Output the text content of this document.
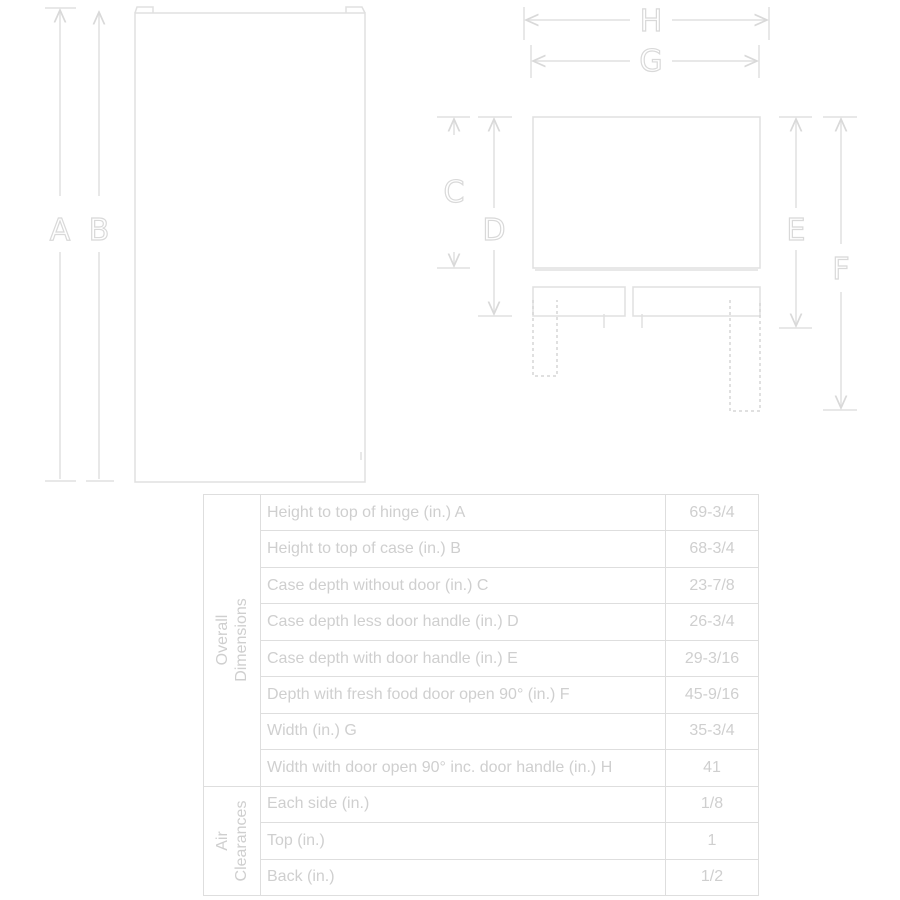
A B
H
G
C
D	E
F
Overall
Dimensions	Height to top of hinge (in.) A	69-3/4
	Height to top of case (in.) B	68-3/4
	Case depth without door (in.) C	23-7/8
	Case depth less door handle (in.) D	26-3/4
	Case depth with door handle (in.) E	29-3/16
	Depth with fresh food door open 90° (in.) F	45-9/16
	Width (in.) G	35-3/4
	Width with door open 90° inc. door handle (in.) H	41

Air
Clearances	Each side (in.)	1/8
	Top (in.)	1
	Back (in.)	1/2
